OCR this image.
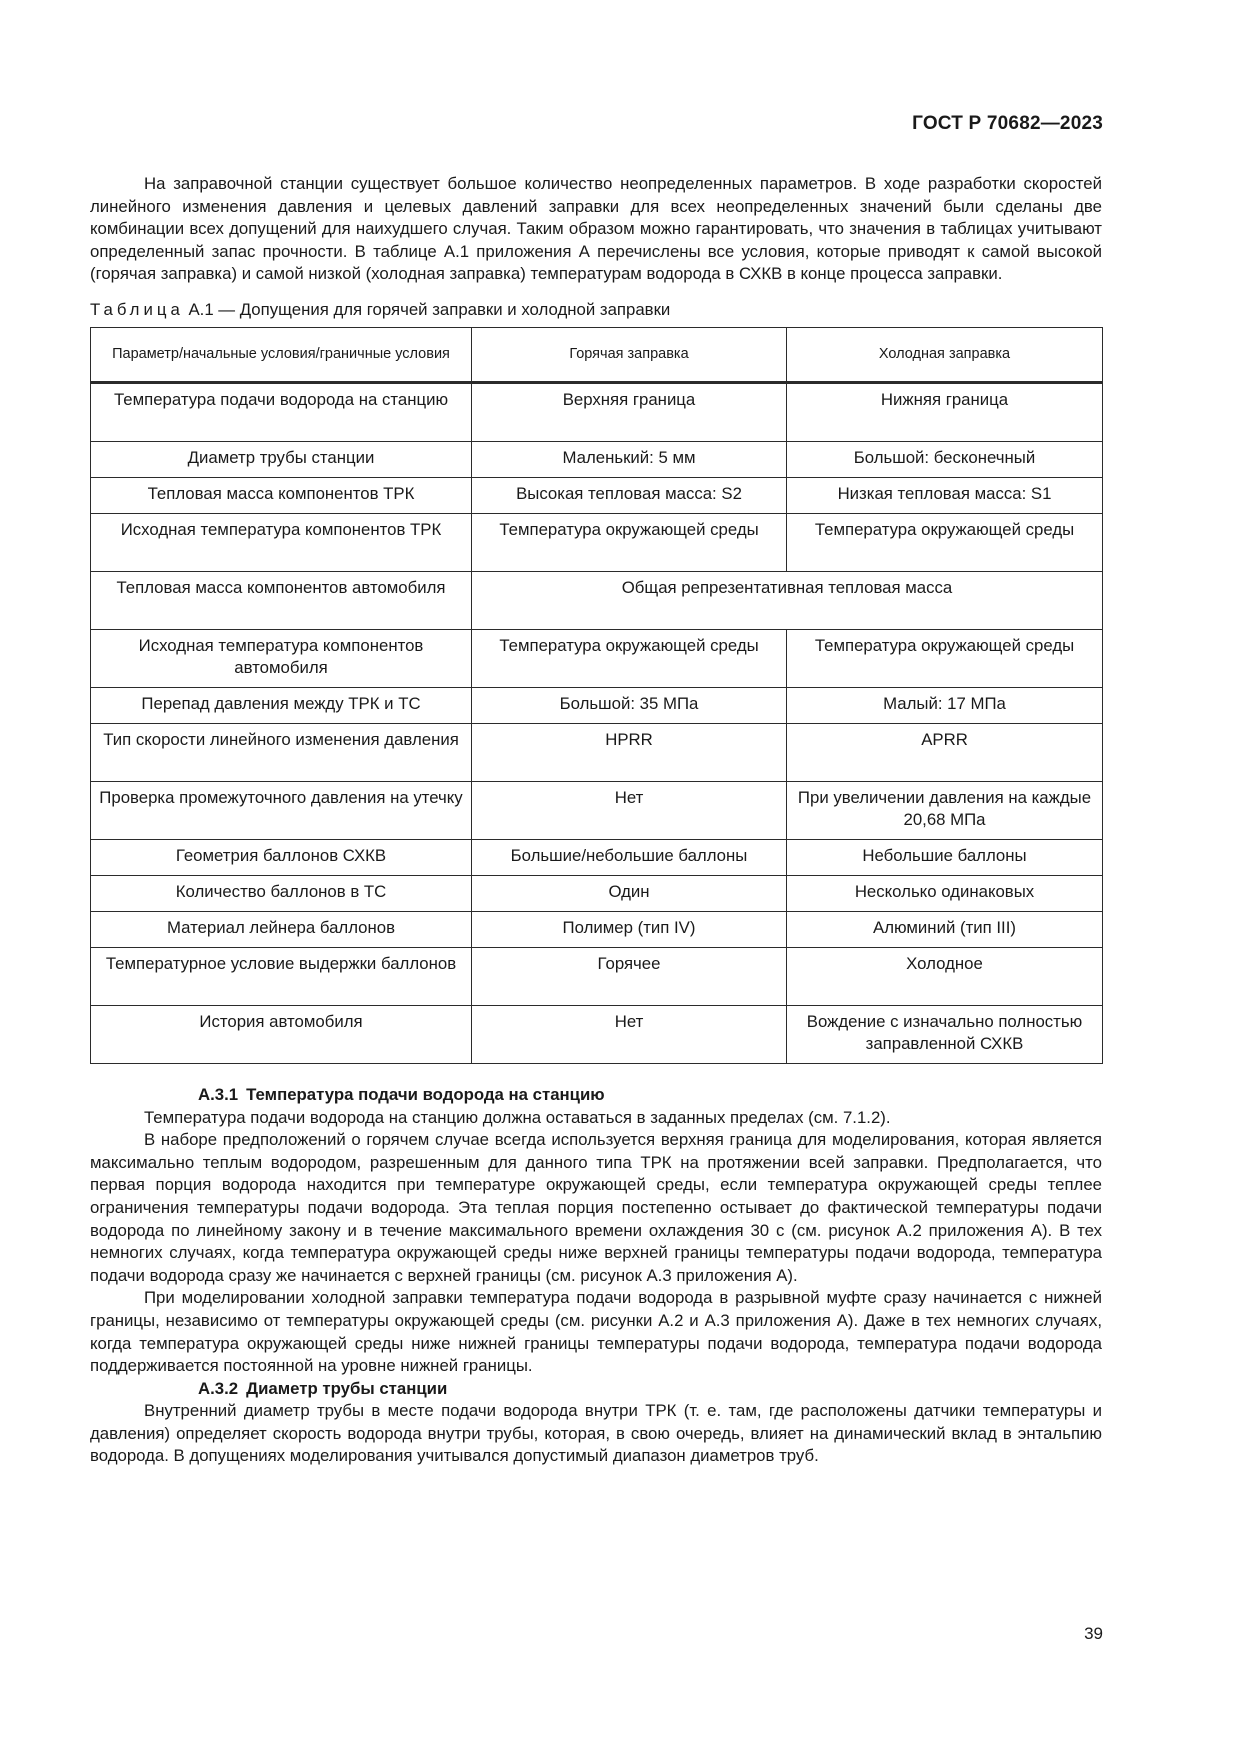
ГОСТ Р 70682—2023

На заправочной станции существует большое количество неопределенных параметров. В ходе разработки скоростей линейного изменения давления и целевых давлений заправки для всех неопределенных значений были сделаны две комбинации всех допущений для наихудшего случая. Таким образом можно гарантировать, что значения в таблицах учитывают определенный запас прочности. В таблице А.1 приложения А перечислены все условия, которые приводят к самой высокой (горячая заправка) и самой низкой (холодная заправка) температурам водорода в СХКВ в конце процесса заправки.

Таблица А.1 — Допущения для горячей заправки и холодной заправки
Параметр/начальные условия/граничные условия	Горячая заправка	Холодная заправка
Температура подачи водорода на станцию	Верхняя граница	Нижняя граница
Диаметр трубы станции	Маленький: 5 мм	Большой: бесконечный
Тепловая масса компонентов ТРК	Высокая тепловая масса: S2	Низкая тепловая масса: S1
Исходная температура компонентов ТРК	Температура окружающей среды	Температура окружающей среды
Тепловая масса компонентов автомобиля	Общая репрезентативная тепловая масса	
Исходная температура компонентов автомобиля	Температура окружающей среды	Температура окружающей среды
Перепад давления между ТРК и ТС	Большой: 35 МПа	Малый: 17 МПа
Тип скорости линейного изменения давления	HPRR	APRR
Проверка промежуточного давления на утечку	Нет	При увеличении давления на каждые 20,68 МПа
Геометрия баллонов СХКВ	Большие/небольшие баллоны	Небольшие баллоны
Количество баллонов в ТС	Один	Несколько одинаковых
Материал лейнера баллонов	Полимер (тип IV)	Алюминий (тип III)
Температурное условие выдержки баллонов	Горячее	Холодное
История автомобиля	Нет	Вождение с изначально полностью заправленной СХКВ
А.3.1 Температура подачи водорода на станцию

Температура подачи водорода на станцию должна оставаться в заданных пределах (см. 7.1.2).

В наборе предположений о горячем случае всегда используется верхняя граница для моделирования, которая является максимально теплым водородом, разрешенным для данного типа ТРК на протяжении всей заправки. Предполагается, что первая порция водорода находится при температуре окружающей среды, если температура окружающей среды теплее ограничения температуры подачи водорода. Эта теплая порция постепенно остывает до фактической температуры подачи водорода по линейному закону и в течение максимального времени охлаждения 30 с (см. рисунок А.2 приложения А). В тех немногих случаях, когда температура окружающей среды ниже верхней границы температуры подачи водорода, температура подачи водорода сразу же начинается с верхней границы (см. рисунок А.3 приложения А).

При моделировании холодной заправки температура подачи водорода в разрывной муфте сразу начинается с нижней границы, независимо от температуры окружающей среды (см. рисунки А.2 и А.3 приложения А). Даже в тех немногих случаях, когда температура окружающей среды ниже нижней границы температуры подачи водорода, температура подачи водорода поддерживается постоянной на уровне нижней границы.

А.3.2 Диаметр трубы станции

Внутренний диаметр трубы в месте подачи водорода внутри ТРК (т. е. там, где расположены датчики температуры и давления) определяет скорость водорода внутри трубы, которая, в свою очередь, влияет на динамический вклад в энтальпию водорода. В допущениях моделирования учитывался допустимый диапазон диаметров труб.

39
